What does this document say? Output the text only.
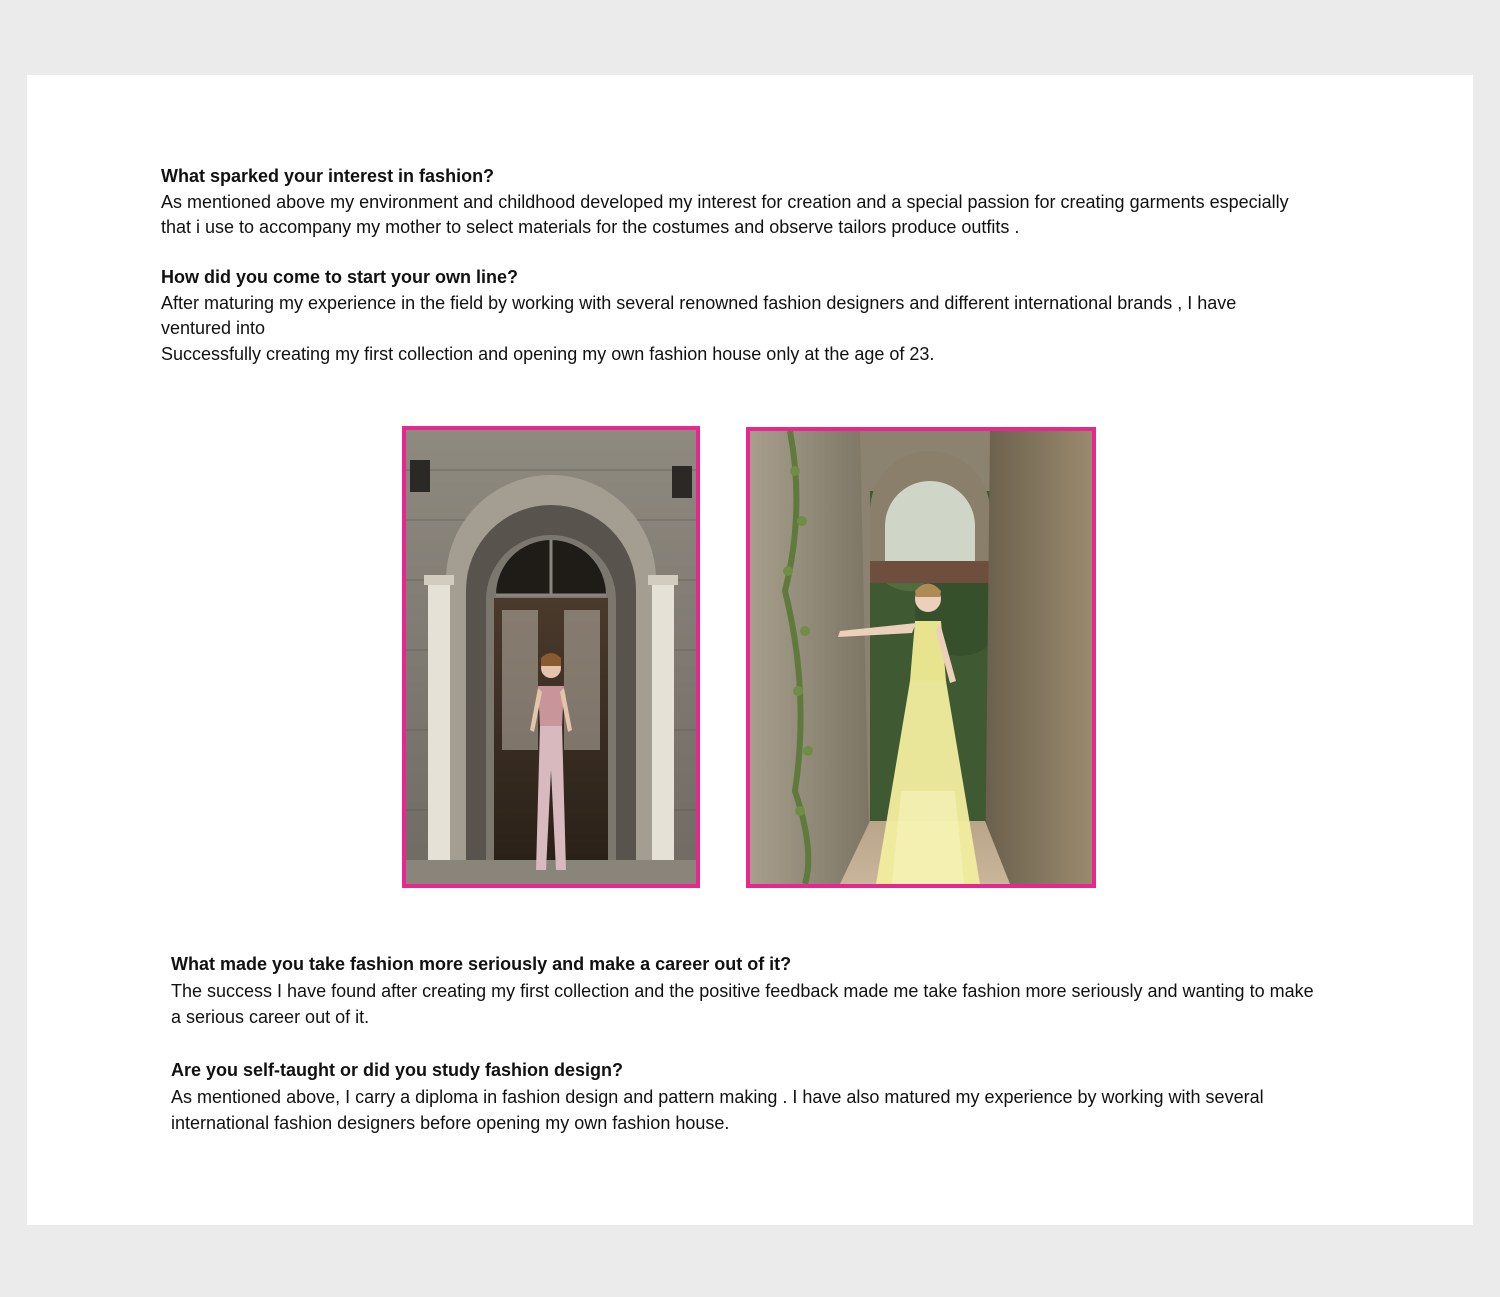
What sparked your interest in fashion?

As mentioned above my environment and childhood developed my interest for creation and a special passion for creating garments especially

that i use to accompany my mother to select materials for the costumes and observe tailors produce outfits .

How did you come to start your own line?

After maturing my experience in the field by working with several renowned fashion designers and different international brands , I have

ventured into

Successfully creating my first collection and opening my own fashion house only at the age of 23.

What made you take fashion more seriously and make a career out of it?

The success I have found after creating my first collection and the positive feedback made me take fashion more seriously and wanting to make

a serious career out of it.

Are you self-taught or did you study fashion design?

As mentioned above, I carry a diploma in fashion design and pattern making . I have also matured my experience by working with several

international fashion designers before opening my own fashion house.
